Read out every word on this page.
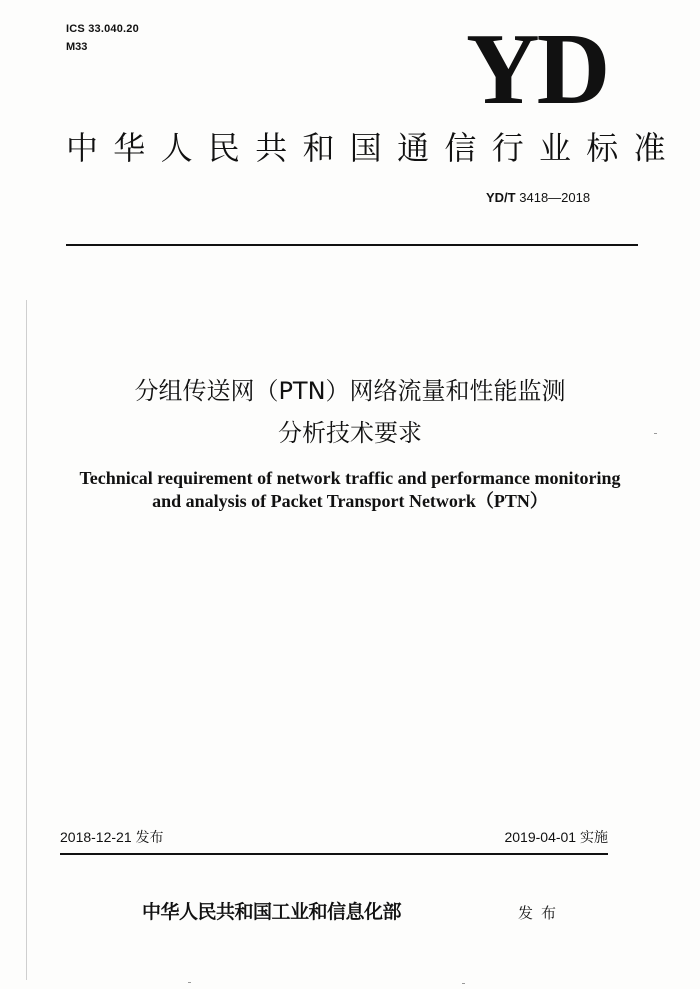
ICS 33.040.20
M33	YD
中华人民共和国通信行业标准
YD/T 3418—2018
分组传送网（PTN）网络流量和性能监测
分析技术要求
Technical requirement of network traffic and performance monitoring
and analysis of Packet Transport Network（PTN）
2018-12-21 发布	2019-04-01 实施
中华人民共和国工业和信息化部	发布
